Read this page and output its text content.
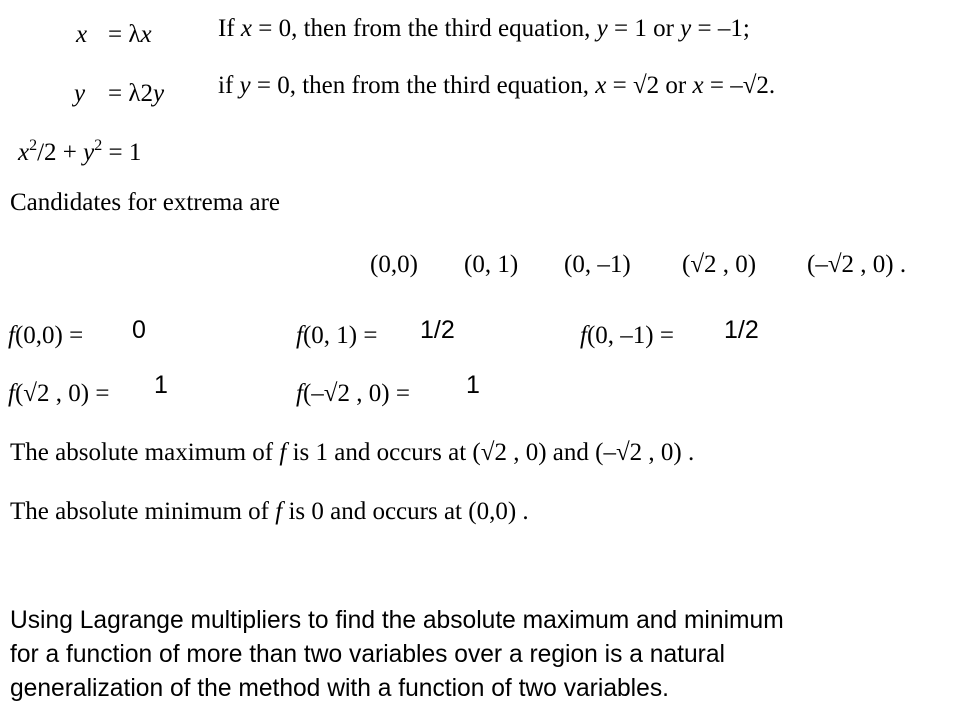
x = λx
y = λ2y
$x^2/2 + y^2 = 1$
If x = 0, then from the third equation, y = 1 or y = –1;
if y = 0, then from the third equation, x = √2 or x = –√2.
Candidates for extrema are
(0,0) (0, 1) (0, –1) (√2 , 0) (–√2 , 0) .
f(0,0) = 0	f(0, 1) = 1/2	f(0, –1) = 1/2
f(√2 , 0) = 1	f(–√2 , 0) = 1
The absolute maximum of f is 1 and occurs at (√2 , 0) and (–√2 , 0) .
The absolute minimum of f is 0 and occurs at (0,0) .
Using Lagrange multipliers to find the absolute maximum and minimum
for a function of more than two variables over a region is a natural
generalization of the method with a function of two variables.
